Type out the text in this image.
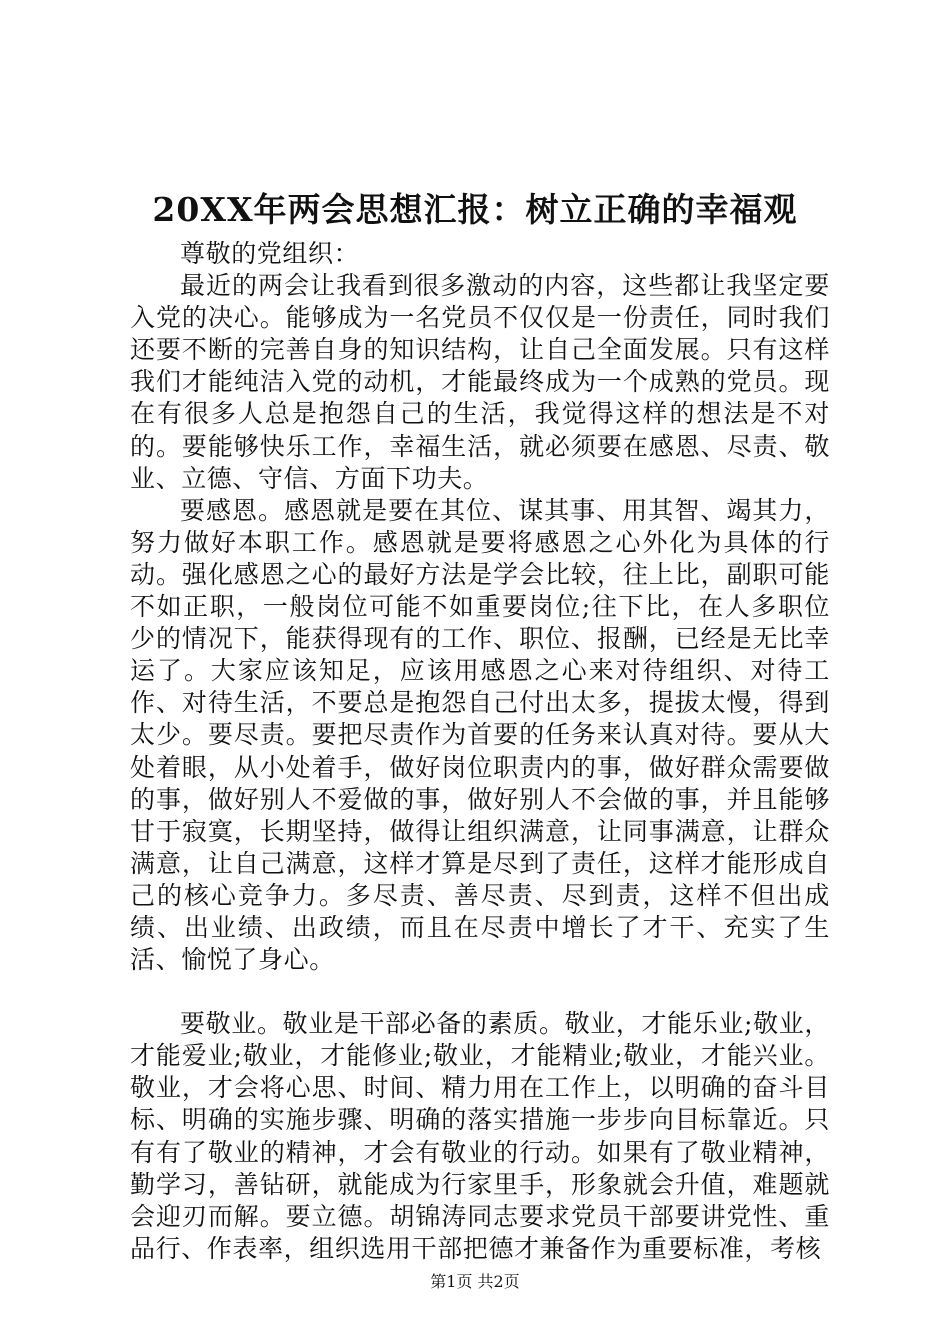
20XX年两会思想汇报：树立正确的幸福观

尊敬的党组织：

最近的两会让我看到很多激动的内容，这些都让我坚定要入党的决心。能够成为一名党员不仅仅是一份责任，同时我们还要不断的完善自身的知识结构，让自己全面发展。只有这样我们才能纯洁入党的动机，才能最终成为一个成熟的党员。现在有很多人总是抱怨自己的生活，我觉得这样的想法是不对的。要能够快乐工作，幸福生活，就必须要在感恩、尽责、敬业、立德、守信、方面下功夫。

要感恩。感恩就是要在其位、谋其事、用其智、竭其力，努力做好本职工作。感恩就是要将感恩之心外化为具体的行动。强化感恩之心的最好方法是学会比较，往上比，副职可能不如正职，一般岗位可能不如重要岗位;往下比，在人多职位少的情况下，能获得现有的工作、职位、报酬，已经是无比幸运了。大家应该知足，应该用感恩之心来对待组织、对待工作、对待生活，不要总是抱怨自己付出太多，提拔太慢，得到太少。要尽责。要把尽责作为首要的任务来认真对待。要从大处着眼，从小处着手，做好岗位职责内的事，做好群众需要做的事，做好别人不爱做的事，做好别人不会做的事，并且能够甘于寂寞，长期坚持，做得让组织满意，让同事满意，让群众满意，让自己满意，这样才算是尽到了责任，这样才能形成自己的核心竞争力。多尽责、善尽责、尽到责，这样不但出成绩、出业绩、出政绩，而且在尽责中增长了才干、充实了生活、愉悦了身心。

要敬业。敬业是干部必备的素质。敬业，才能乐业;敬业，才能爱业;敬业，才能修业;敬业，才能精业;敬业，才能兴业。敬业，才会将心思、时间、精力用在工作上，以明确的奋斗目标、明确的实施步骤、明确的落实措施一步步向目标靠近。只有有了敬业的精神，才会有敬业的行动。如果有了敬业精神，勤学习，善钻研，就能成为行家里手，形象就会升值，难题就会迎刃而解。要立德。胡锦涛同志要求党员干部要讲党性、重品行、作表率，组织选用干部把德才兼备作为重要标准，考核

第1页 共2页
